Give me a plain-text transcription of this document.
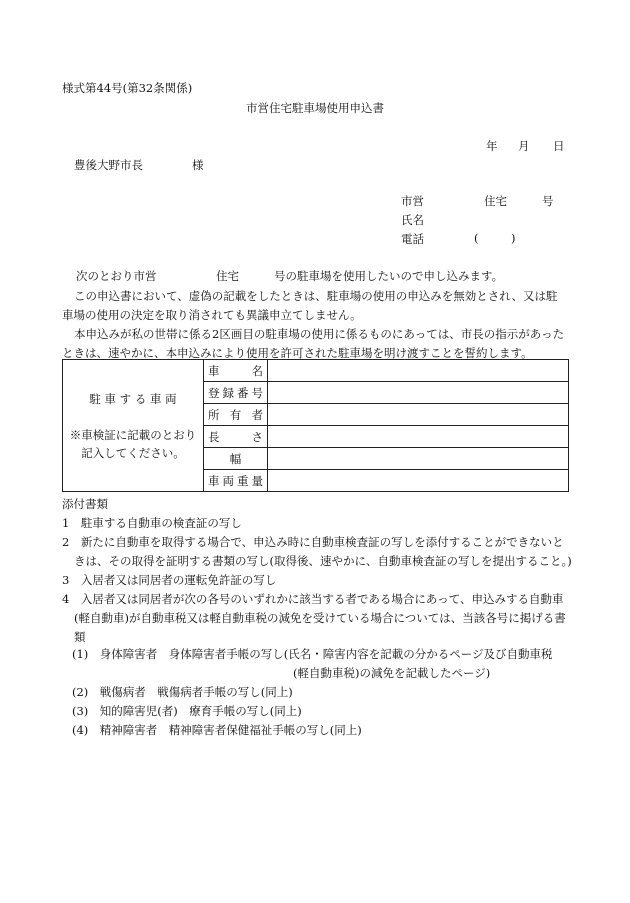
様式第44号(第32条関係)
市営住宅駐車場使用申込書
年 月 日
豊後大野市長	様
市営	住宅	号
氏名
電話	(	)
次のとおり市営	住宅	号の駐車場を使用したいので申し込みます。

この申込書において、虚偽の記載をしたときは、駐車場の使用の申込みを無効とされ、又は駐車場の使用の決定を取り消されても異議申立てしません。

本申込みが私の世帯に係る2区画目の駐車場の使用に係るものにあっては、市長の指示があったときは、速やかに、本申込みにより使用を許可された駐車場を明け渡すことを誓約します。

駐 車 す る 車 両
※車検証に記載のとおり
記入してください。	車名	
	登録番号	
	所有者	
	長さ	
	幅	
	車両重量	

添付書類

1　駐車する自動車の検査証の写し

2　新たに自動車を取得する場合で、申込み時に自動車検査証の写しを添付することができないときは、その取得を証明する書類の写し(取得後、速やかに、自動車検査証の写しを提出すること。)

3　入居者又は同居者の運転免許証の写し

4　入居者又は同居者が次の各号のいずれかに該当する者である場合にあって、申込みする自動車(軽自動車)が自動車税又は軽自動車税の減免を受けている場合については、当該各号に掲げる書類

(1)　身体障害者　身体障害者手帳の写し(氏名・障害内容を記載の分かるページ及び自動車税
(軽自動車税)の減免を記載したページ)
(2)　戦傷病者　戦傷病者手帳の写し(同上)
(3)　知的障害児(者)　療育手帳の写し(同上)
(4)　精神障害者　精神障害者保健福祉手帳の写し(同上)
